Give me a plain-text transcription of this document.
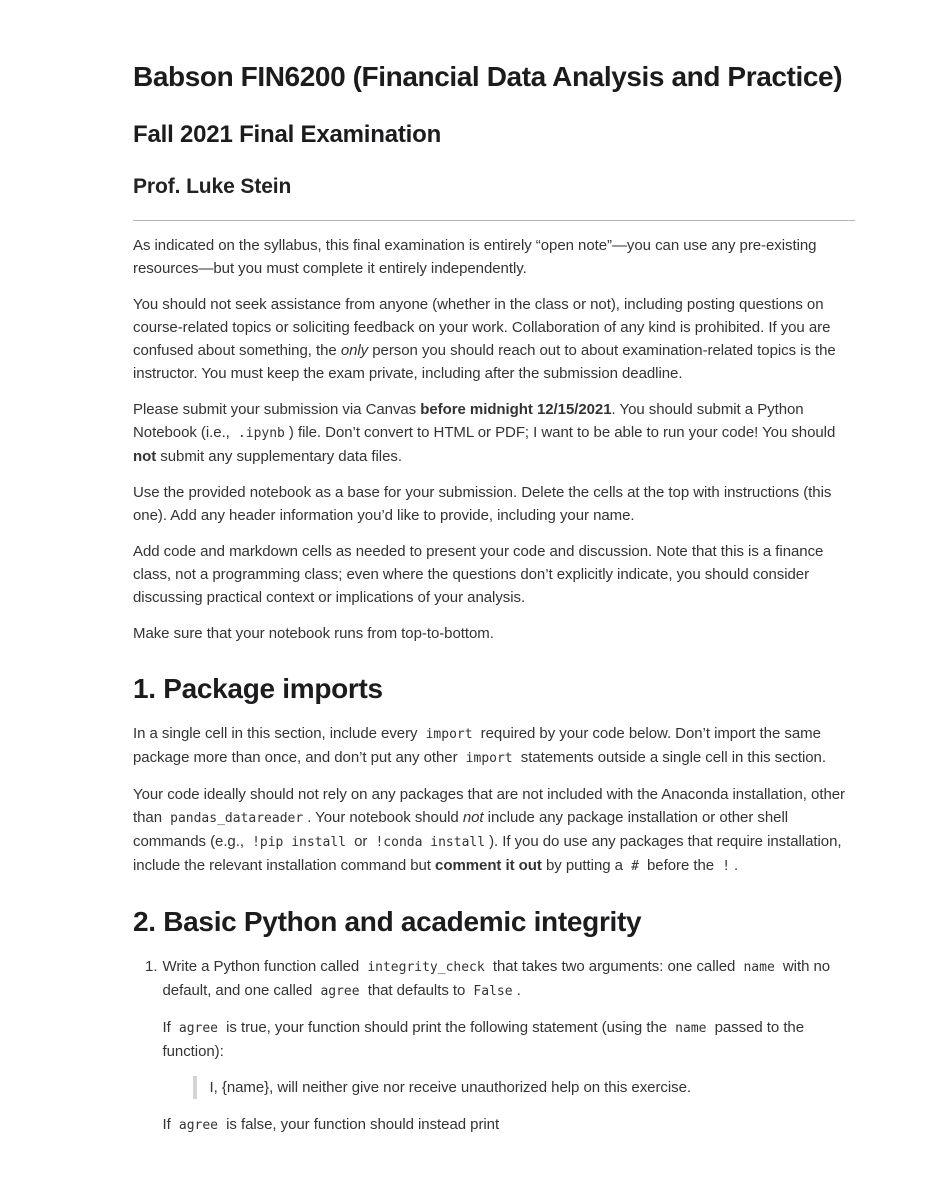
Babson FIN6200 (Financial Data Analysis and Practice)
Fall 2021 Final Examination
Prof. Luke Stein

As indicated on the syllabus, this final examination is entirely “open note”—you can use any pre-existing resources—but you must complete it entirely independently.

You should not seek assistance from anyone (whether in the class or not), including posting questions on course-related topics or soliciting feedback on your work. Collaboration of any kind is prohibited. If you are confused about something, the only person you should reach out to about examination-related topics is the instructor. You must keep the exam private, including after the submission deadline.

Please submit your submission via Canvas before midnight 12/15/2021. You should submit a Python Notebook (i.e., .ipynb ) file. Don’t convert to HTML or PDF; I want to be able to run your code! You should not submit any supplementary data files.

Use the provided notebook as a base for your submission. Delete the cells at the top with instructions (this one). Add any header information you’d like to provide, including your name.

Add code and markdown cells as needed to present your code and discussion. Note that this is a finance class, not a programming class; even where the questions don’t explicitly indicate, you should consider discussing practical context or implications of your analysis.

Make sure that your notebook runs from top-to-bottom.

1. Package imports

In a single cell in this section, include every import required by your code below. Don’t import the same package more than once, and don’t put any other import statements outside a single cell in this section.

Your code ideally should not rely on any packages that are not included with the Anaconda installation, other than pandas_datareader . Your notebook should not include any package installation or other shell commands (e.g., !pip install or !conda install ). If you do use any packages that require installation, include the relevant installation command but comment it out by putting a # before the ! .

2. Basic Python and academic integrity
1. Write a Python function called integrity_check that takes two arguments: one called name with no default, and one called agree that defaults to False .

If agree is true, your function should print the following statement (using the name passed to the function):

I, {name}, will neither give nor receive unauthorized help on this exercise.

If agree is false, your function should instead print
